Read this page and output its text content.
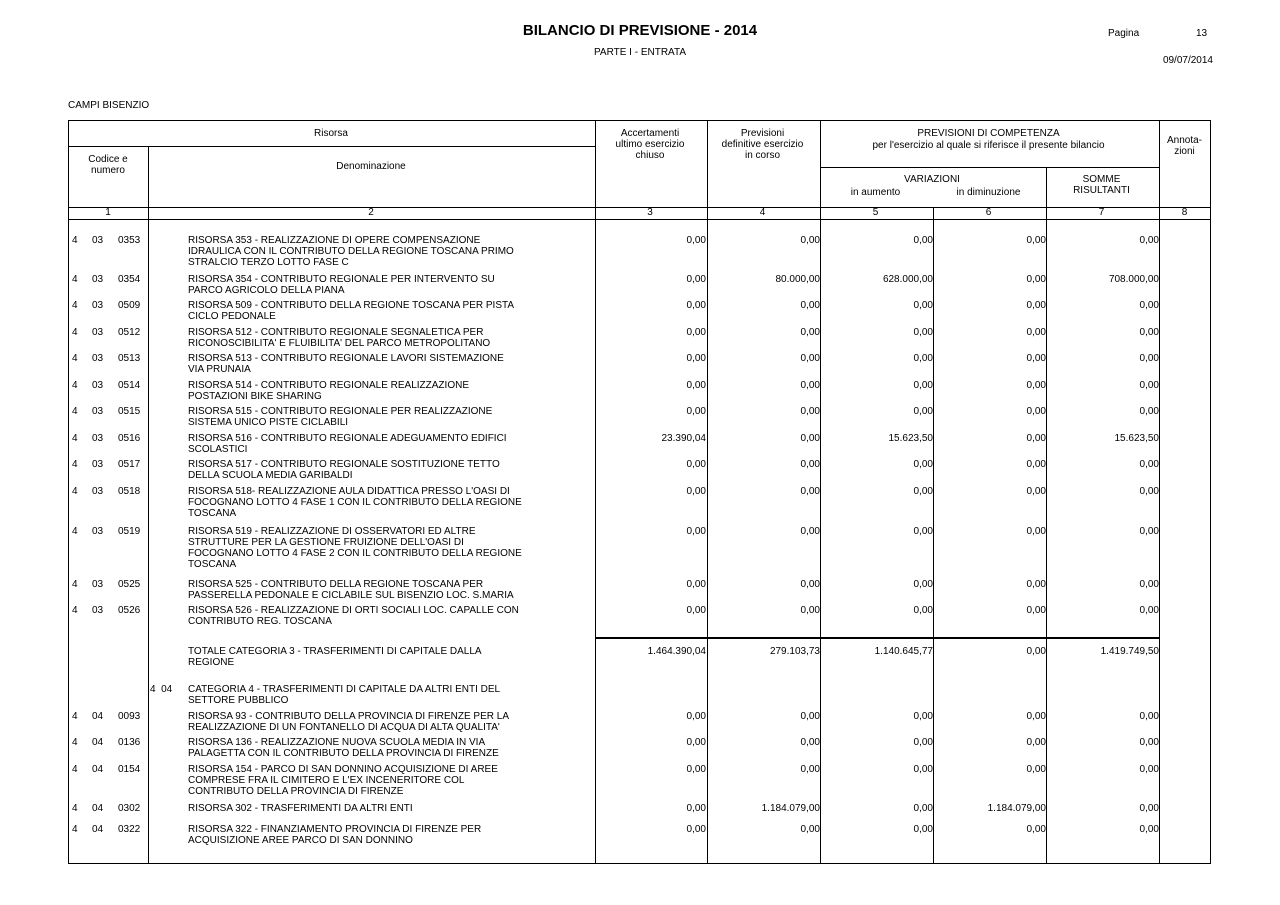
BILANCIO DI PREVISIONE - 2014
PARTE I - ENTRATA
Pagina	13
09/07/2014
CAMPI BISENZIO
Risorsa
Codice e
numero	Denominazione
Accertamenti
ultimo esercizio
chiuso
Previsioni
definitive esercizio
in corso
PREVISIONI DI COMPETENZA
per l'esercizio al quale si riferisce il presente bilancio
VARIAZIONI
in aumento	in diminuzione
SOMME
RISULTANTI
Annota-
zioni
1	2	3	4	5	6	7	8
4 03 0353	RISORSA 353 - REALIZZAZIONE DI OPERE COMPENSAZIONE
IDRAULICA CON IL CONTRIBUTO DELLA REGIONE TOSCANA PRIMO
STRALCIO TERZO LOTTO FASE C
0,00	0,00	0,00	0,00	0,00
4 03 0354	RISORSA 354 - CONTRIBUTO REGIONALE PER INTERVENTO SU
PARCO AGRICOLO DELLA PIANA
0,00	80.000,00	628.000,00	0,00	708.000,00
4 03 0509	RISORSA 509 - CONTRIBUTO DELLA REGIONE TOSCANA PER PISTA
CICLO PEDONALE
0,00	0,00	0,00	0,00	0,00
4 03 0512	RISORSA 512 - CONTRIBUTO REGIONALE SEGNALETICA PER
RICONOSCIBILITA' E FLUIBILITA' DEL PARCO METROPOLITANO
0,00	0,00	0,00	0,00	0,00
4 03 0513	RISORSA 513 - CONTRIBUTO REGIONALE LAVORI SISTEMAZIONE
VIA PRUNAIA
0,00	0,00	0,00	0,00	0,00
4 03 0514	RISORSA 514 - CONTRIBUTO REGIONALE REALIZZAZIONE
POSTAZIONI BIKE SHARING
0,00	0,00	0,00	0,00	0,00
4 03 0515	RISORSA 515 - CONTRIBUTO REGIONALE PER REALIZZAZIONE
SISTEMA UNICO PISTE CICLABILI
0,00	0,00	0,00	0,00	0,00
4 03 0516	RISORSA 516 - CONTRIBUTO REGIONALE ADEGUAMENTO EDIFICI
SCOLASTICI
23.390,04	0,00	15.623,50	0,00	15.623,50
4 03 0517	RISORSA 517 - CONTRIBUTO REGIONALE SOSTITUZIONE TETTO
DELLA SCUOLA MEDIA GARIBALDI
0,00	0,00	0,00	0,00	0,00
4 03 0518	RISORSA 518- REALIZZAZIONE AULA DIDATTICA PRESSO L'OASI DI
FOCOGNANO LOTTO 4 FASE 1 CON IL CONTRIBUTO DELLA REGIONE
TOSCANA
0,00	0,00	0,00	0,00	0,00
4 03 0519	RISORSA 519 - REALIZZAZIONE DI OSSERVATORI ED ALTRE
STRUTTURE PER LA GESTIONE FRUIZIONE DELL'OASI DI
FOCOGNANO LOTTO 4 FASE 2 CON IL CONTRIBUTO DELLA REGIONE
TOSCANA
0,00	0,00	0,00	0,00	0,00
4 03 0525	RISORSA 525 - CONTRIBUTO DELLA REGIONE TOSCANA PER
PASSERELLA PEDONALE E CICLABILE SUL BISENZIO LOC. S.MARIA
0,00	0,00	0,00	0,00	0,00
4 03 0526	RISORSA 526 - REALIZZAZIONE DI ORTI SOCIALI LOC. CAPALLE CON
CONTRIBUTO REG. TOSCANA
0,00	0,00	0,00	0,00	0,00
TOTALE CATEGORIA 3 - TRASFERIMENTI DI CAPITALE DALLA
REGIONE
1.464.390,04	279.103,73	1.140.645,77	0,00	1.419.749,50
4  04 CATEGORIA 4 - TRASFERIMENTI DI CAPITALE DA ALTRI ENTI DEL
SETTORE PUBBLICO
4 04 0093	RISORSA 93 - CONTRIBUTO DELLA PROVINCIA DI FIRENZE PER LA
REALIZZAZIONE DI UN FONTANELLO DI ACQUA DI ALTA QUALITA'
0,00	0,00	0,00	0,00	0,00
4 04 0136	RISORSA 136 - REALIZZAZIONE NUOVA SCUOLA MEDIA IN VIA
PALAGETTA CON IL CONTRIBUTO DELLA PROVINCIA DI FIRENZE
0,00	0,00	0,00	0,00	0,00
4 04 0154	RISORSA 154 - PARCO DI SAN DONNINO ACQUISIZIONE DI AREE
COMPRESE FRA IL CIMITERO E L'EX INCENERITORE COL
CONTRIBUTO DELLA PROVINCIA DI FIRENZE
0,00	0,00	0,00	0,00	0,00
4 04 0302	RISORSA 302 - TRASFERIMENTI DA ALTRI ENTI	0,00	1.184.079,00	0,00	1.184.079,00	0,00
4 04 0322	RISORSA 322 - FINANZIAMENTO PROVINCIA DI FIRENZE PER
ACQUISIZIONE AREE PARCO DI SAN DONNINO
0,00	0,00	0,00	0,00	0,00
